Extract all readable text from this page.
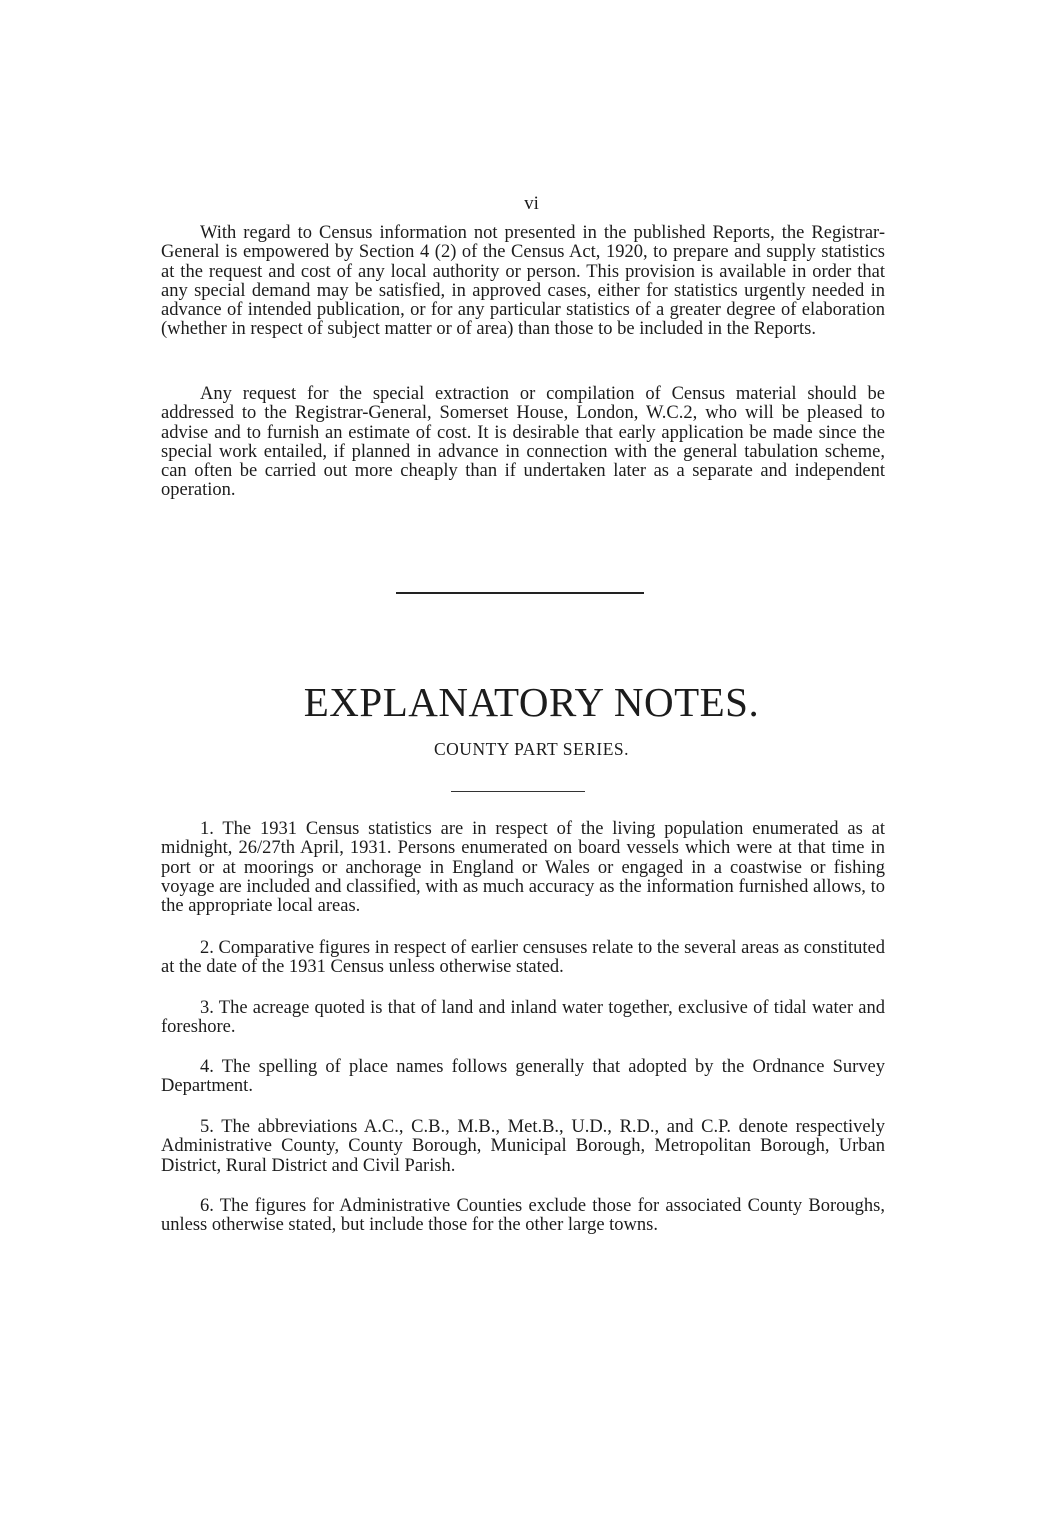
vi

With regard to Census information not presented in the published Reports, the Registrar-General is empowered by Section 4 (2) of the Census Act, 1920, to prepare and supply statistics at the request and cost of any local authority or person. This provision is available in order that any special demand may be satisfied, in approved cases, either for statistics urgently needed in advance of intended publication, or for any particular statistics of a greater degree of elaboration (whether in respect of subject matter or of area) than those to be included in the Reports.

Any request for the special extraction or compilation of Census material should be addressed to the Registrar-General, Somerset House, London, W.C.2, who will be pleased to advise and to furnish an estimate of cost. It is desirable that early application be made since the special work entailed, if planned in advance in connection with the general tabulation scheme, can often be carried out more cheaply than if undertaken later as a separate and independent operation.

EXPLANATORY NOTES.
COUNTY PART SERIES.

1. The 1931 Census statistics are in respect of the living population enumerated as at midnight, 26/27th April, 1931. Persons enumerated on board vessels which were at that time in port or at moorings or anchorage in England or Wales or engaged in a coastwise or fishing voyage are included and classified, with as much accuracy as the information furnished allows, to the appropriate local areas.

2. Comparative figures in respect of earlier censuses relate to the several areas as constituted at the date of the 1931 Census unless otherwise stated.

3. The acreage quoted is that of land and inland water together, exclusive of tidal water and foreshore.

4. The spelling of place names follows generally that adopted by the Ordnance Survey Department.

5. The abbreviations A.C., C.B., M.B., Met.B., U.D., R.D., and C.P. denote respectively Administrative County, County Borough, Municipal Borough, Metropolitan Borough, Urban District, Rural District and Civil Parish.

6. The figures for Administrative Counties exclude those for associated County Boroughs, unless otherwise stated, but include those for the other large towns.
